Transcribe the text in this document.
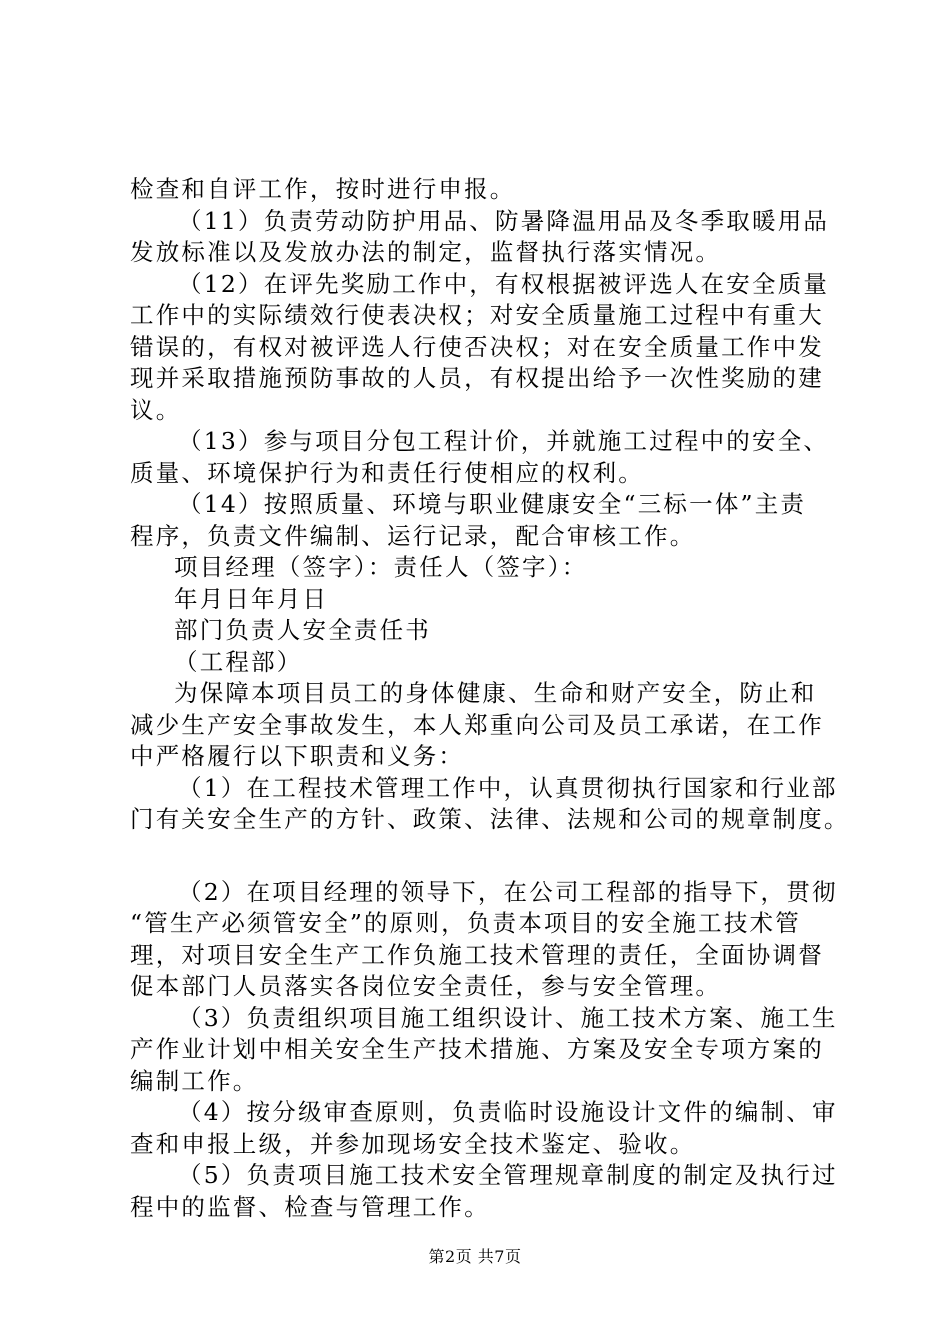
检查和自评工作，按时进行申报。
（11）负责劳动防护用品、防暑降温用品及冬季取暖用品
发放标准以及发放办法的制定，监督执行落实情况。
（12）在评先奖励工作中，有权根据被评选人在安全质量
工作中的实际绩效行使表决权；对安全质量施工过程中有重大
错误的，有权对被评选人行使否决权；对在安全质量工作中发
现并采取措施预防事故的人员，有权提出给予一次性奖励的建
议。
（13）参与项目分包工程计价，并就施工过程中的安全、
质量、环境保护行为和责任行使相应的权利。
（14）按照质量、环境与职业健康安全“三标一体”主责
程序，负责文件编制、运行记录，配合审核工作。
项目经理（签字）：责任人（签字）：
年月日年月日
部门负责人安全责任书
（工程部）
为保障本项目员工的身体健康、生命和财产安全，防止和
减少生产安全事故发生，本人郑重向公司及员工承诺，在工作
中严格履行以下职责和义务：
（1）在工程技术管理工作中，认真贯彻执行国家和行业部
门有关安全生产的方针、政策、法律、法规和公司的规章制度。
（2）在项目经理的领导下，在公司工程部的指导下，贯彻
“管生产必须管安全”的原则，负责本项目的安全施工技术管
理，对项目安全生产工作负施工技术管理的责任，全面协调督
促本部门人员落实各岗位安全责任，参与安全管理。
（3）负责组织项目施工组织设计、施工技术方案、施工生
产作业计划中相关安全生产技术措施、方案及安全专项方案的
编制工作。
（4）按分级审查原则，负责临时设施设计文件的编制、审
查和申报上级，并参加现场安全技术鉴定、验收。
（5）负责项目施工技术安全管理规章制度的制定及执行过
程中的监督、检查与管理工作。
第2页 共7页
